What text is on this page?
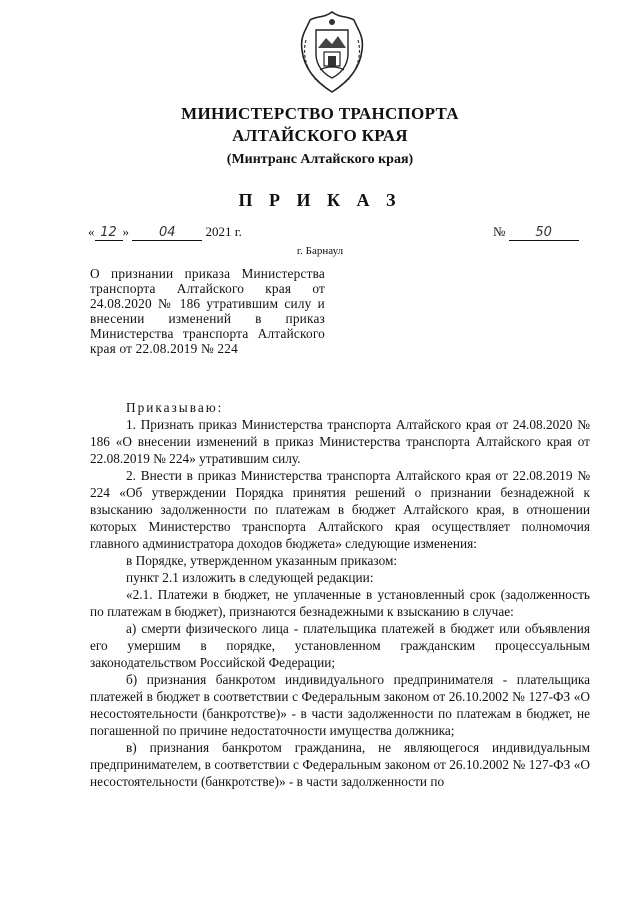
МИНИСТЕРСТВО ТРАНСПОРТА
АЛТАЙСКОГО КРАЯ
(Минтранс Алтайского края)
П Р И К А З
« 12 » 04 2021 г.	№ 50
г. Барнаул
О признании приказа Министерства транспорта Алтайского края от 24.08.2020 № 186 утратившим силу и внесении изменений в приказ Министерства транспорта Алтайского края от 22.08.2019 № 224

Приказываю:

1. Признать приказ Министерства транспорта Алтайского края от 24.08.2020 № 186 «О внесении изменений в приказ Министерства транспорта Алтайского края от 22.08.2019 № 224» утратившим силу.

2. Внести в приказ Министерства транспорта Алтайского края от 22.08.2019 № 224 «Об утверждении Порядка принятия решений о признании безнадежной к взысканию задолженности по платежам в бюджет Алтайского края, в отношении которых Министерство транспорта Алтайского края осуществляет полномочия главного администратора доходов бюджета» следующие изменения:

в Порядке, утвержденном указанным приказом:

пункт 2.1 изложить в следующей редакции:

«2.1. Платежи в бюджет, не уплаченные в установленный срок (задолженность по платежам в бюджет), признаются безнадежными к взысканию в случае:

а) смерти физического лица - плательщика платежей в бюджет или объявления его умершим в порядке, установленном гражданским процессуальным законодательством Российской Федерации;

б) признания банкротом индивидуального предпринимателя - плательщика платежей в бюджет в соответствии с Федеральным законом от 26.10.2002 № 127-ФЗ «О несостоятельности (банкротстве)» - в части задолженности по платежам в бюджет, не погашенной по причине недостаточности имущества должника;

в) признания банкротом гражданина, не являющегося индивидуальным предпринимателем, в соответствии с Федеральным законом от 26.10.2002 № 127-ФЗ «О несостоятельности (банкротстве)» - в части задолженности по
